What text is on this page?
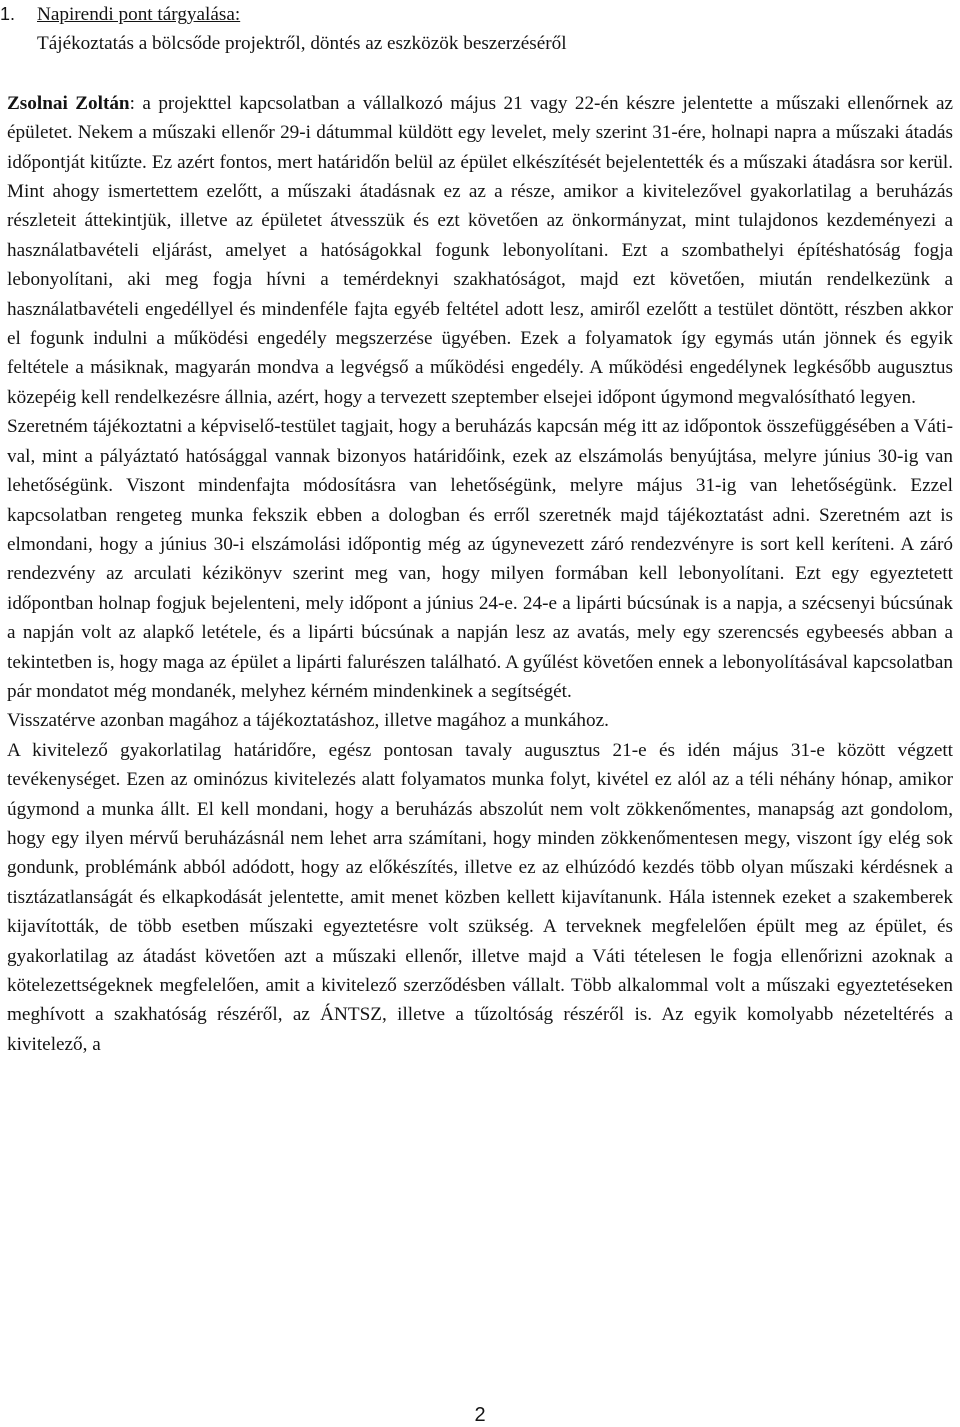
1.	Napirendi pont tárgyalása:
Tájékoztatás a bölcsőde projektről, döntés az eszközök beszerzéséről

Zsolnai Zoltán: a projekttel kapcsolatban a vállalkozó május 21 vagy 22-én készre jelentette a műszaki ellenőrnek az épületet. Nekem a műszaki ellenőr 29-i dátummal küldött egy levelet, mely szerint 31-ére, holnapi napra a műszaki átadás időpontját kitűzte. Ez azért fontos, mert határidőn belül az épület elkészítését bejelentették és a műszaki átadásra sor kerül. Mint ahogy ismertettem ezelőtt, a műszaki átadásnak ez az a része, amikor a kivitelezővel gyakorlatilag a beruházás részleteit áttekintjük, illetve az épületet átvesszük és ezt követően az önkormányzat, mint tulajdonos kezdeményezi a használatbavételi eljárást, amelyet a hatóságokkal fogunk lebonyolítani. Ezt a szombathelyi építéshatóság fogja lebonyolítani, aki meg fogja hívni a temérdeknyi szakhatóságot, majd ezt követően, miután rendelkezünk a használatbavételi engedéllyel és mindenféle fajta egyéb feltétel adott lesz, amiről ezelőtt a testület döntött, részben akkor el fogunk indulni a működési engedély megszerzése ügyében. Ezek a folyamatok így egymás után jönnek és egyik feltétele a másiknak, magyarán mondva a legvégső a működési engedély. A működési engedélynek legkésőbb augusztus közepéig kell rendelkezésre állnia, azért, hogy a tervezett szeptember elsejei időpont úgymond megvalósítható legyen.

Szeretném tájékoztatni a képviselő-testület tagjait, hogy a beruházás kapcsán még itt az időpontok összefüggésében a Váti-val, mint a pályáztató hatósággal vannak bizonyos határidőink, ezek az elszámolás benyújtása, melyre június 30-ig van lehetőségünk. Viszont mindenfajta módosításra van lehetőségünk, melyre május 31-ig van lehetőségünk. Ezzel kapcsolatban rengeteg munka fekszik ebben a dologban és erről szeretnék majd tájékoztatást adni. Szeretném azt is elmondani, hogy a június 30-i elszámolási időpontig még az úgynevezett záró rendezvényre is sort kell keríteni. A záró rendezvény az arculati kézikönyv szerint meg van, hogy milyen formában kell lebonyolítani. Ezt egy egyeztetett időpontban holnap fogjuk bejelenteni, mely időpont a június 24-e. 24-e a lipárti búcsúnak is a napja, a szécsenyi búcsúnak a napján volt az alapkő letétele, és a lipárti búcsúnak a napján lesz az avatás, mely egy szerencsés egybeesés abban a tekintetben is, hogy maga az épület a lipárti falurészen található. A gyűlést követően ennek a lebonyolításával kapcsolatban pár mondatot még mondanék, melyhez kérném mindenkinek a segítségét.

Visszatérve azonban magához a tájékoztatáshoz, illetve magához a munkához.

A kivitelező gyakorlatilag határidőre, egész pontosan tavaly augusztus 21-e és idén május 31-e között végzett tevékenységet. Ezen az ominózus kivitelezés alatt folyamatos munka folyt, kivétel ez alól az a téli néhány hónap, amikor úgymond a munka állt. El kell mondani, hogy a beruházás abszolút nem volt zökkenőmentes, manapság azt gondolom, hogy egy ilyen mérvű beruházásnál nem lehet arra számítani, hogy minden zökkenőmentesen megy, viszont így elég sok gondunk, problémánk abból adódott, hogy az előkészítés, illetve ez az elhúzódó kezdés több olyan műszaki kérdésnek a tisztázatlanságát és elkapkodását jelentette, amit menet közben kellett kijavítanunk. Hála istennek ezeket a szakemberek kijavították, de több esetben műszaki egyeztetésre volt szükség. A terveknek megfelelően épült meg az épület, és gyakorlatilag az átadást követően azt a műszaki ellenőr, illetve majd a Váti tételesen le fogja ellenőrizni azoknak a kötelezettségeknek megfelelően, amit a kivitelező szerződésben vállalt. Több alkalommal volt a műszaki egyeztetéseken meghívott a szakhatóság részéről, az ÁNTSZ, illetve a tűzoltóság részéről is. Az egyik komolyabb nézeteltérés a kivitelező, a

2
